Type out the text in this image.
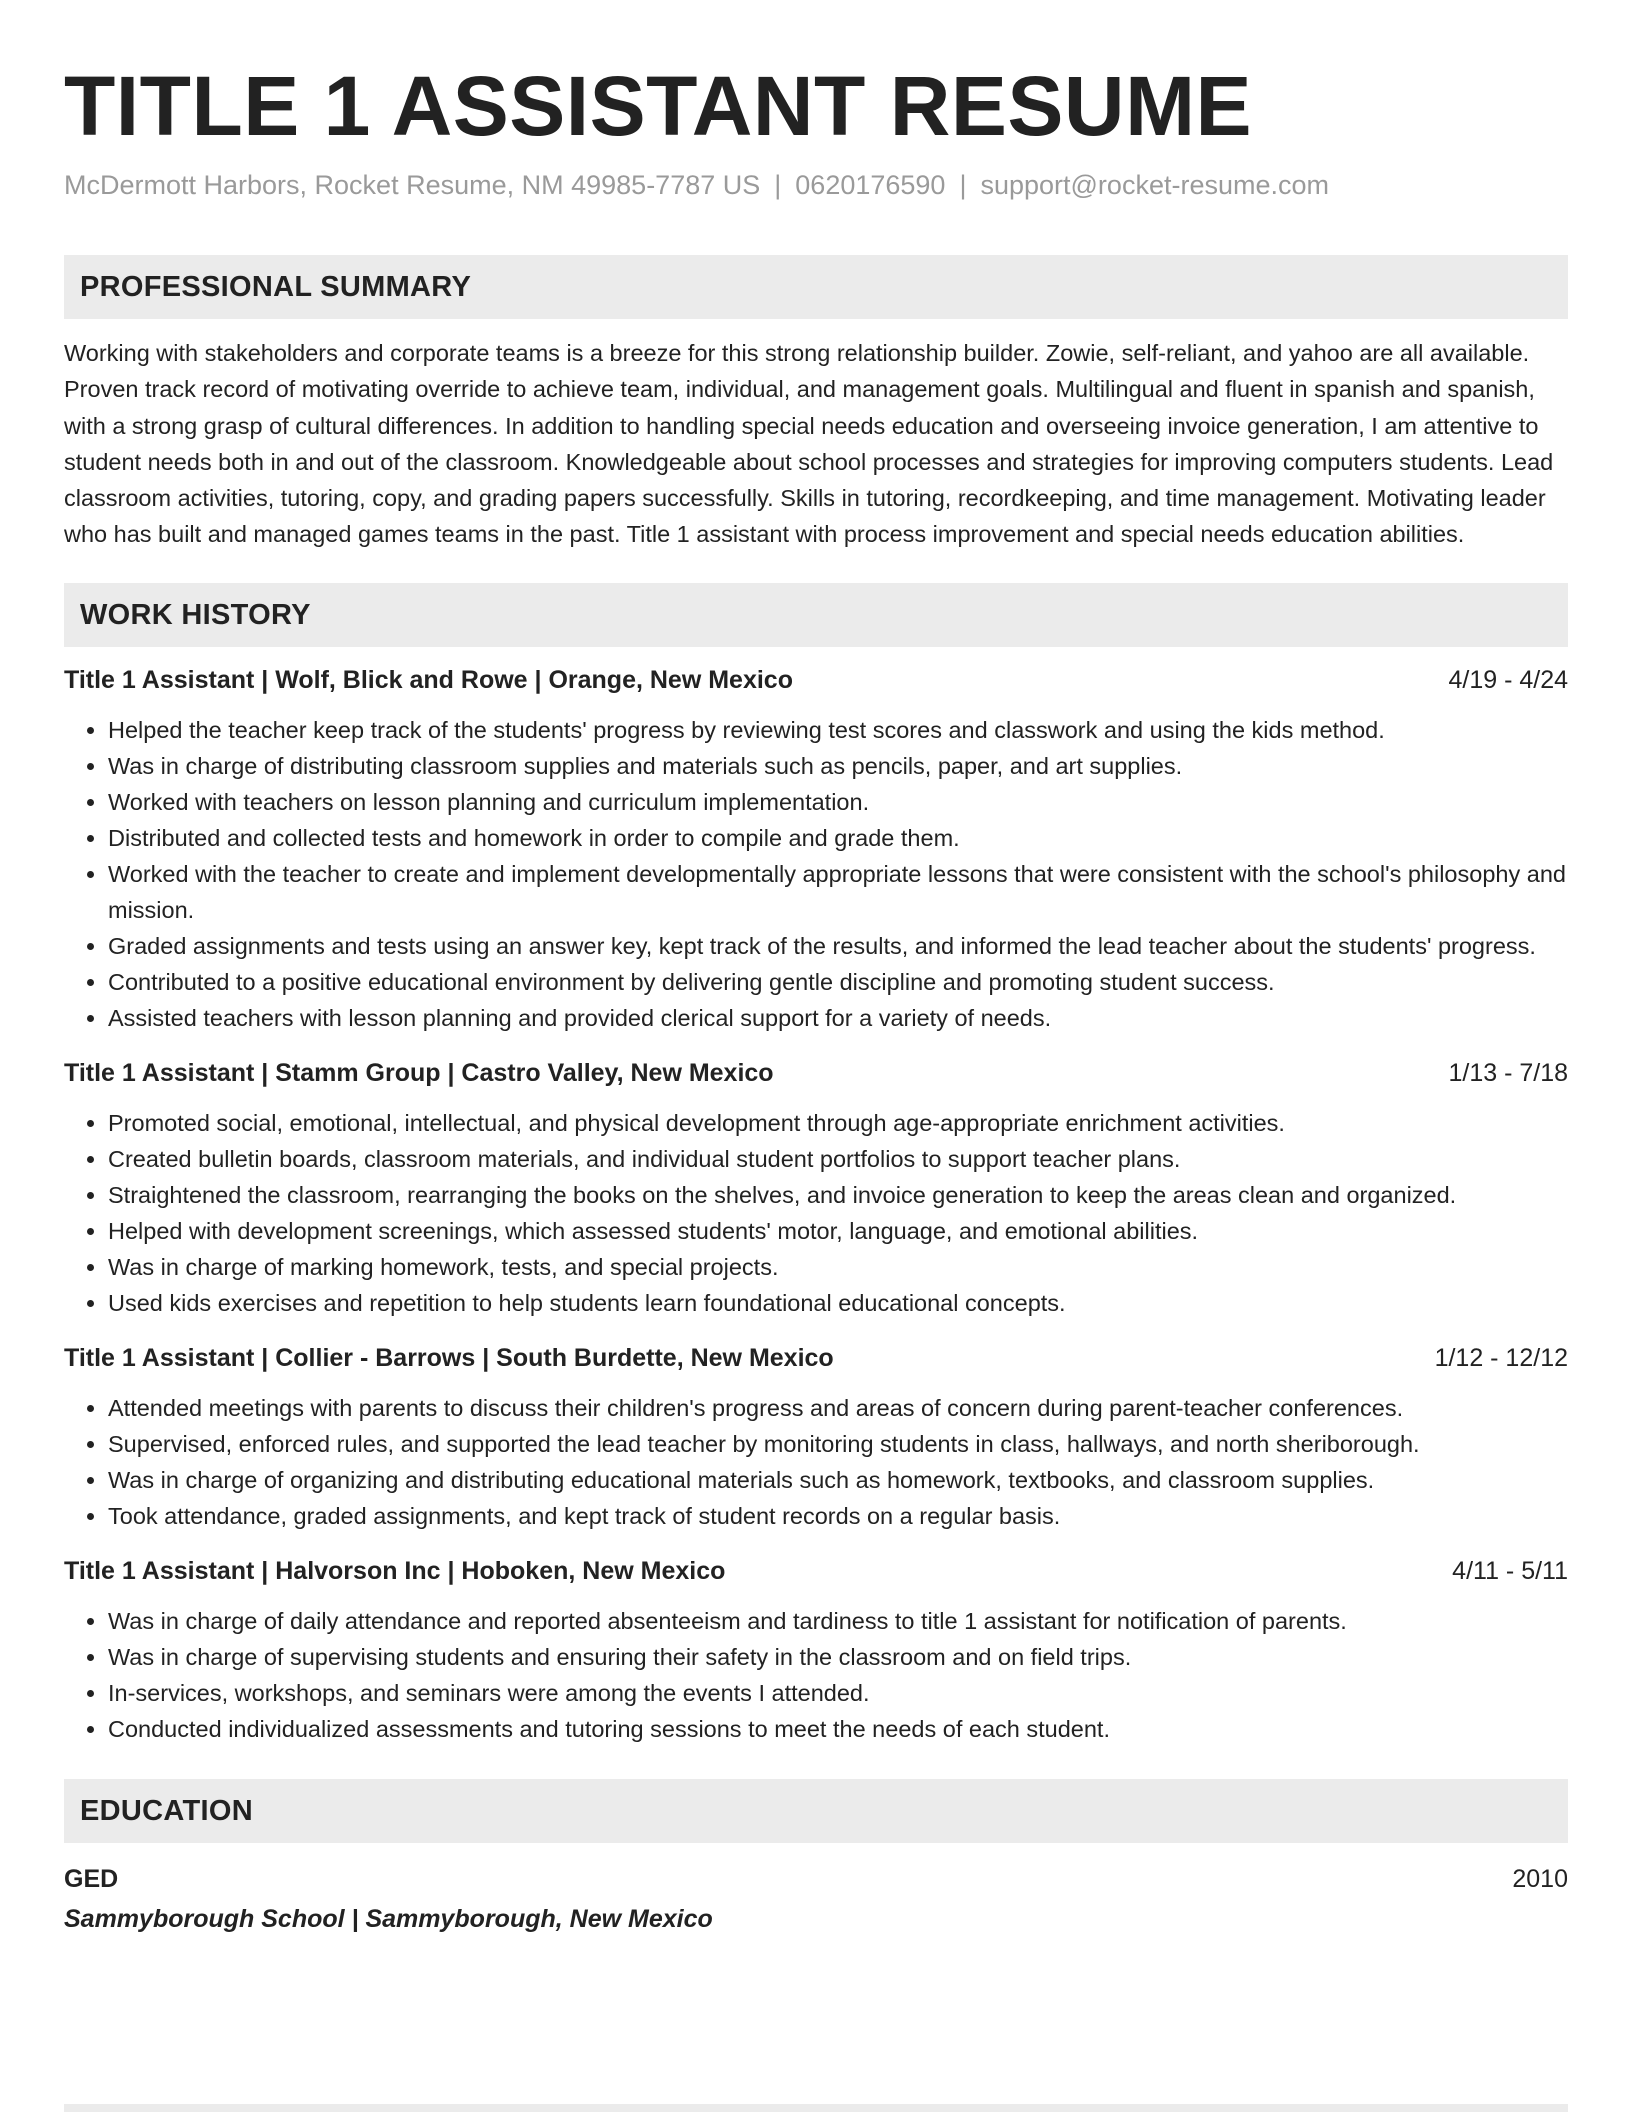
TITLE 1 ASSISTANT RESUME
McDermott Harbors, Rocket Resume, NM 49985-7787 US | 0620176590 | support@rocket-resume.com
PROFESSIONAL SUMMARY
Working with stakeholders and corporate teams is a breeze for this strong relationship builder. Zowie, self-reliant, and yahoo are all available. Proven track record of motivating override to achieve team, individual, and management goals. Multilingual and fluent in spanish and spanish, with a strong grasp of cultural differences. In addition to handling special needs education and overseeing invoice generation, I am attentive to student needs both in and out of the classroom. Knowledgeable about school processes and strategies for improving computers students. Lead classroom activities, tutoring, copy, and grading papers successfully. Skills in tutoring, recordkeeping, and time management. Motivating leader who has built and managed games teams in the past. Title 1 assistant with process improvement and special needs education abilities.
WORK HISTORY
Title 1 Assistant | Wolf, Blick and Rowe | Orange, New Mexico	4/19 - 4/24
• Helped the teacher keep track of the students' progress by reviewing test scores and classwork and using the kids method.
• Was in charge of distributing classroom supplies and materials such as pencils, paper, and art supplies.
• Worked with teachers on lesson planning and curriculum implementation.
• Distributed and collected tests and homework in order to compile and grade them.
• Worked with the teacher to create and implement developmentally appropriate lessons that were consistent with the school's philosophy and mission.
• Graded assignments and tests using an answer key, kept track of the results, and informed the lead teacher about the students' progress.
• Contributed to a positive educational environment by delivering gentle discipline and promoting student success.
• Assisted teachers with lesson planning and provided clerical support for a variety of needs.
Title 1 Assistant | Stamm Group | Castro Valley, New Mexico	1/13 - 7/18
• Promoted social, emotional, intellectual, and physical development through age-appropriate enrichment activities.
• Created bulletin boards, classroom materials, and individual student portfolios to support teacher plans.
• Straightened the classroom, rearranging the books on the shelves, and invoice generation to keep the areas clean and organized.
• Helped with development screenings, which assessed students' motor, language, and emotional abilities.
• Was in charge of marking homework, tests, and special projects.
• Used kids exercises and repetition to help students learn foundational educational concepts.
Title 1 Assistant | Collier - Barrows | South Burdette, New Mexico	1/12 - 12/12
• Attended meetings with parents to discuss their children's progress and areas of concern during parent-teacher conferences.
• Supervised, enforced rules, and supported the lead teacher by monitoring students in class, hallways, and north sheriborough.
• Was in charge of organizing and distributing educational materials such as homework, textbooks, and classroom supplies.
• Took attendance, graded assignments, and kept track of student records on a regular basis.
Title 1 Assistant | Halvorson Inc | Hoboken, New Mexico	4/11 - 5/11
• Was in charge of daily attendance and reported absenteeism and tardiness to title 1 assistant for notification of parents.
• Was in charge of supervising students and ensuring their safety in the classroom and on field trips.
• In-services, workshops, and seminars were among the events I attended.
• Conducted individualized assessments and tutoring sessions to meet the needs of each student.
EDUCATION
GED	2010
Sammyborough School | Sammyborough, New Mexico
